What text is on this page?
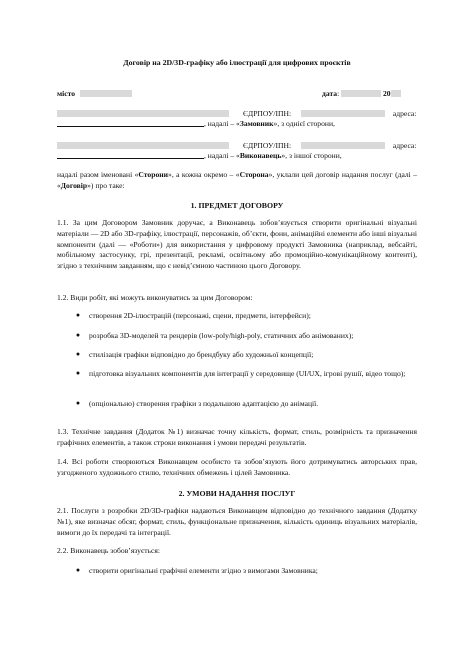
Договір на 2D/3D-графіку або ілюстрації для цифрових проєктів
місто	дата:	20
ЄДРПОУ/ІПН:	адреса:
, надалі – «Замовник», з однієї сторони,
ЄДРПОУ/ІПН:	адреса:
, надалі – «Виконавець», з іншої сторони,
надалі разом іменовані «Сторони», а кожна окремо – «Сторона», уклали цей договір надання послуг (далі – «Договір») про таке:
1. ПРЕДМЕТ ДОГОВОРУ
1.1. За цим Договором Замовник доручає, а Виконавець зобов’язується створити оригінальні візуальні матеріали — 2D або 3D-графіку, ілюстрації, персонажів, об’єкти, фони, анімаційні елементи або інші візуальні компоненти (далі — «Роботи») для використання у цифровому продукті Замовника (наприклад, вебсайті, мобільному застосунку, грі, презентації, рекламі, освітньому або промоційно-комунікаційному контенті), згідно з технічним завданням, що є невід’ємною частиною цього Договору.
1.2. Види робіт, які можуть виконуватись за цим Договором:
●	створення 2D-ілюстрацій (персонажі, сцени, предмети, інтерфейси);
●	розробка 3D-моделей та рендерів (low-poly/high-poly, статичних або анімованих);
●	стилізація графіки відповідно до брендбуку або художньої концепції;
●	підготовка візуальних компонентів для інтеграції у середовище (UI/UX, ігрові рушії, відео тощо);
●	(опціонально) створення графіки з подальшою адаптацією до анімації.
1.3. Технічне завдання (Додаток №1) визначає точну кількість, формат, стиль, розмірність та призначення графічних елементів, а також строки виконання і умови передачі результатів.
1.4. Всі роботи створюються Виконавцем особисто та зобов’язують його дотримуватись авторських прав, узгодженого художнього стилю, технічних обмежень і цілей Замовника.
2. УМОВИ НАДАННЯ ПОСЛУГ
2.1. Послуги з розробки 2D/3D-графіки надаються Виконавцем відповідно до технічного завдання (Додатку №1), яке визначає обсяг, формат, стиль, функціональне призначення, кількість одиниць візуальних матеріалів, вимоги до їх передачі та інтеграції.
2.2. Виконавець зобов’язується:
●	створити оригінальні графічні елементи згідно з вимогами Замовника;
